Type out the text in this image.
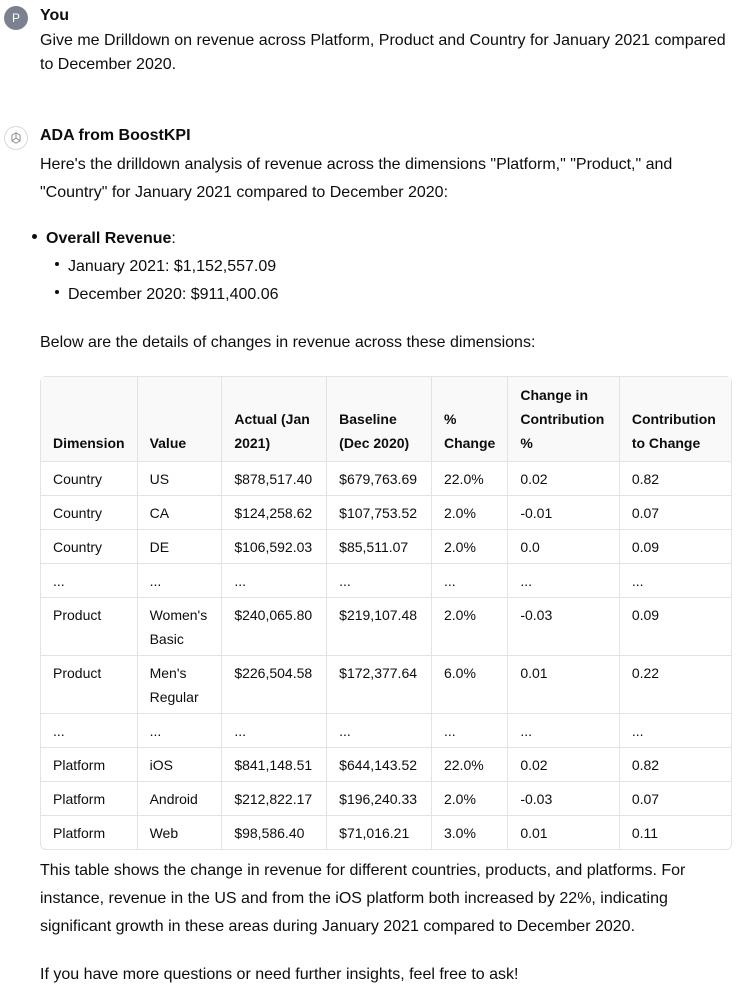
P You
Give me Drilldown on revenue across Platform, Product and Country for January 2021 compared to December 2020.
ADA from BoostKPI
Here's the drilldown analysis of revenue across the dimensions "Platform," "Product," and "Country" for January 2021 compared to December 2020:
Overall Revenue:
January 2021: $1,152,557.09
December 2020: $911,400.06
Below are the details of changes in revenue across these dimensions:
Dimension	Value	Actual (Jan 2021)	Baseline (Dec 2020)	% Change	Change in Contribution %	Contribution to Change
Country	US	$878,517.40	$679,763.69	22.0%	0.02	0.82
Country	CA	$124,258.62	$107,753.52	2.0%	-0.01	0.07
Country	DE	$106,592.03	$85,511.07	2.0%	0.0	0.09
...	...	...	...	...	...	...
Product	Women's Basic	$240,065.80	$219,107.48	2.0%	-0.03	0.09
Product	Men's Regular	$226,504.58	$172,377.64	6.0%	0.01	0.22
...	...	...	...	...	...	...
Platform	iOS	$841,148.51	$644,143.52	22.0%	0.02	0.82
Platform	Android	$212,822.17	$196,240.33	2.0%	-0.03	0.07
Platform	Web	$98,586.40	$71,016.21	3.0%	0.01	0.11
This table shows the change in revenue for different countries, products, and platforms. For instance, revenue in the US and from the iOS platform both increased by 22%, indicating significant growth in these areas during January 2021 compared to December 2020.
If you have more questions or need further insights, feel free to ask!
